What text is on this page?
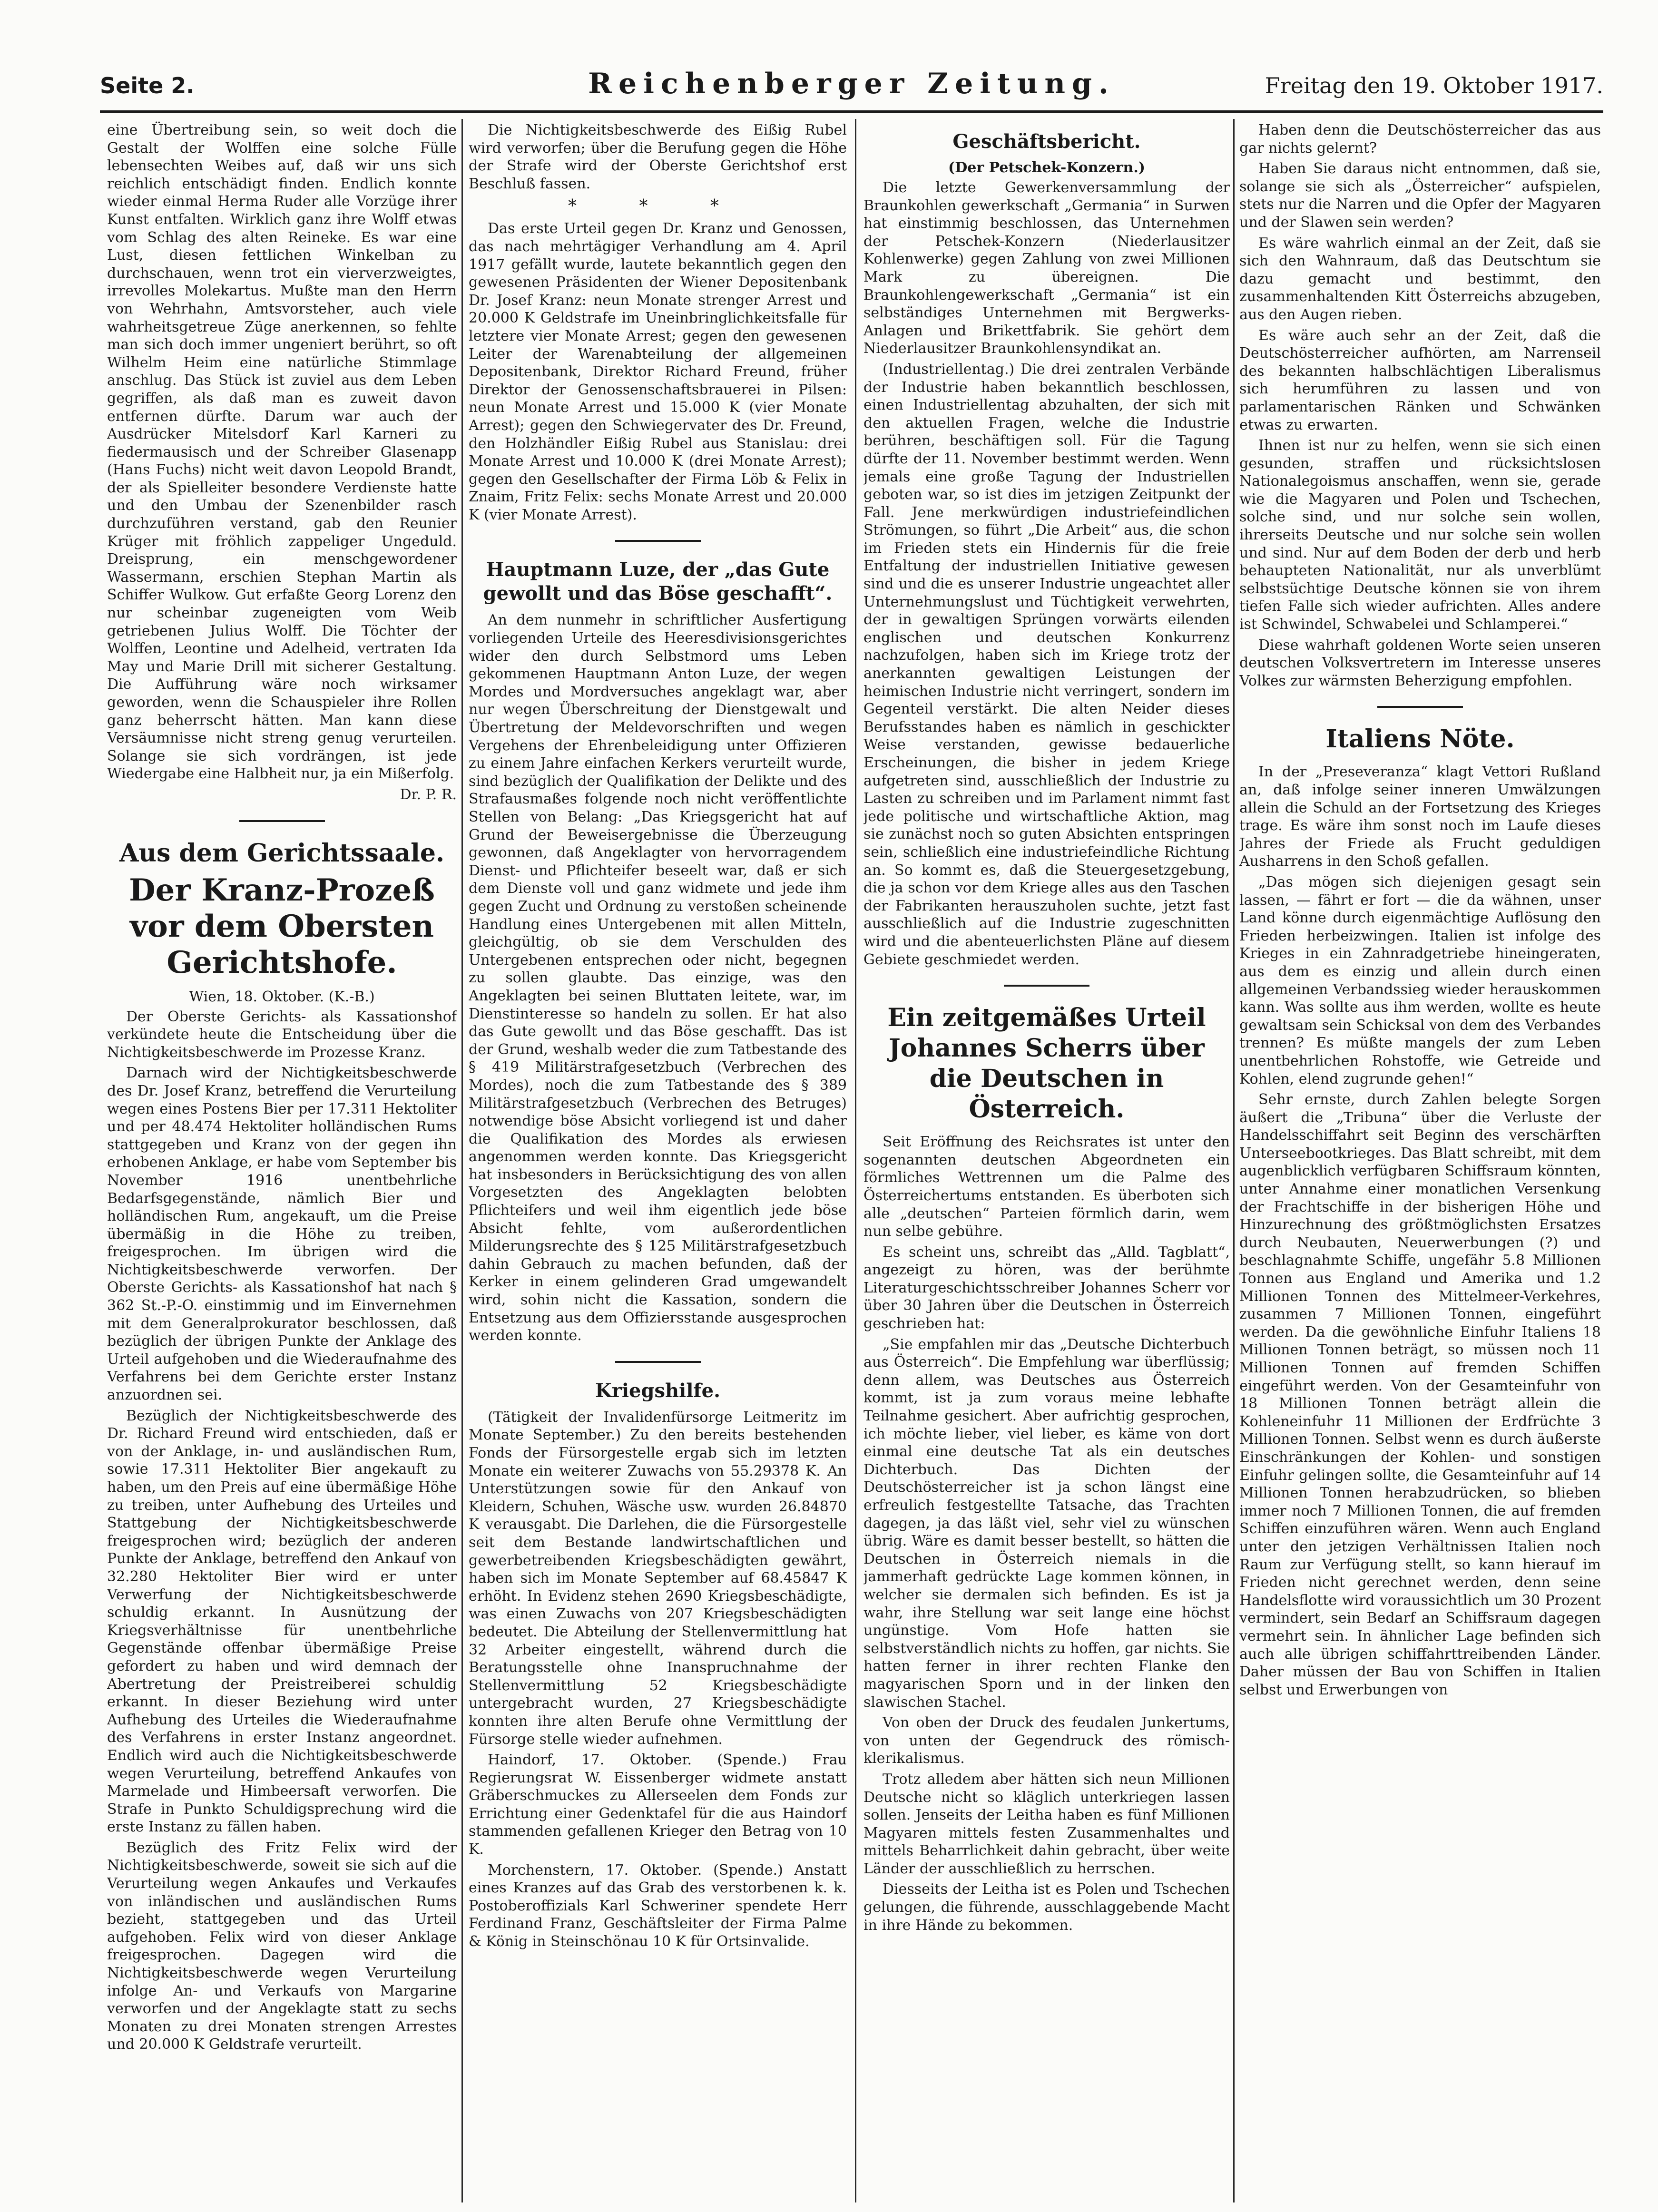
Seite 2.	Reichenberger Zeitung.	Freitag den 19. Oktober 1917.

eine Übertreibung sein, so weit doch die Gestalt der Wolffen eine solche Fülle lebensechten Weibes auf, daß wir uns sich reichlich entschädigt finden. Endlich konnte wieder einmal Herma Ruder alle Vorzüge ihrer Kunst entfalten. Wirklich ganz ihre Wolff etwas vom Schlag des alten Reineke. Es war eine Lust, diesen fettlichen Winkelban zu durchschauen, wenn trot ein vierverzweigtes, irrevolles Molekartus. Mußte man den Herrn von Wehrhahn, Amtsvorsteher, auch viele wahrheitsgetreue Züge anerkennen, so fehlte man sich doch immer ungeniert berührt, so oft Wilhelm Heim eine natürliche Stimmlage anschlug. Das Stück ist zuviel aus dem Leben gegriffen, als daß man es zuweit davon entfernen dürfte. Darum war auch der Ausdrücker Mitelsdorf Karl Karneri zu fiedermausisch und der Schreiber Glasenapp (Hans Fuchs) nicht weit davon Leopold Brandt, der als Spielleiter besondere Verdienste hatte und den Umbau der Szenenbilder rasch durchzuführen verstand, gab den Reunier Krüger mit fröhlich zappeliger Ungeduld. Dreisprung, ein menschgewordener Wassermann, erschien Stephan Martin als Schiffer Wulkow. Gut erfaßte Georg Lorenz den nur scheinbar zugeneigten vom Weib getriebenen Julius Wolff. Die Töchter der Wolffen, Leontine und Adelheid, vertraten Ida May und Marie Drill mit sicherer Gestaltung. Die Aufführung wäre noch wirksamer geworden, wenn die Schauspieler ihre Rollen ganz beherrscht hätten. Man kann diese Versäumnisse nicht streng genug verurteilen. Solange sie sich vordrängen, ist jede Wiedergabe eine Halbheit nur, ja ein Mißerfolg.

Dr. P. R.

Aus dem Gerichtssaale.
Der Kranz-Prozeß
vor dem Obersten Gerichtshofe.
Wien, 18. Oktober. (K.-B.)

Der Oberste Gerichts- als Kassationshof verkündete heute die Entscheidung über die Nichtigkeitsbeschwerde im Prozesse Kranz.

Darnach wird der Nichtigkeitsbeschwerde des Dr. Josef Kranz, betreffend die Verurteilung wegen eines Postens Bier per 17.311 Hektoliter und per 48.474 Hektoliter holländischen Rums stattgegeben und Kranz von der gegen ihn erhobenen Anklage, er habe vom September bis November 1916 unentbehrliche Bedarfsgegenstände, nämlich Bier und holländischen Rum, angekauft, um die Preise übermäßig in die Höhe zu treiben, freigesprochen. Im übrigen wird die Nichtigkeitsbeschwerde verworfen. Der Oberste Gerichts- als Kassationshof hat nach § 362 St.-P.-O. einstimmig und im Einvernehmen mit dem Generalprokurator beschlossen, daß bezüglich der übrigen Punkte der Anklage des Urteil aufgehoben und die Wiederaufnahme des Verfahrens bei dem Gerichte erster Instanz anzuordnen sei.

Bezüglich der Nichtigkeitsbeschwerde des Dr. Richard Freund wird entschieden, daß er von der Anklage, in- und ausländischen Rum, sowie 17.311 Hektoliter Bier angekauft zu haben, um den Preis auf eine übermäßige Höhe zu treiben, unter Aufhebung des Urteiles und Stattgebung der Nichtigkeitsbeschwerde freigesprochen wird; bezüglich der anderen Punkte der Anklage, betreffend den Ankauf von 32.280 Hektoliter Bier wird er unter Verwerfung der Nichtigkeitsbeschwerde schuldig erkannt. In Ausnützung der Kriegsverhältnisse für unentbehrliche Gegenstände offenbar übermäßige Preise gefordert zu haben und wird demnach der Abertretung der Preistreiberei schuldig erkannt. In dieser Beziehung wird unter Aufhebung des Urteiles die Wiederaufnahme des Verfahrens in erster Instanz angeordnet. Endlich wird auch die Nichtigkeitsbeschwerde wegen Verurteilung, betreffend Ankaufes von Marmelade und Himbeersaft verworfen. Die Strafe in Punkto Schuldigsprechung wird die erste Instanz zu fällen haben.

Bezüglich des Fritz Felix wird der Nichtigkeitsbeschwerde, soweit sie sich auf die Verurteilung wegen Ankaufes und Verkaufes von inländischen und ausländischen Rums bezieht, stattgegeben und das Urteil aufgehoben. Felix wird von dieser Anklage freigesprochen. Dagegen wird die Nichtigkeitsbeschwerde wegen Verurteilung infolge An- und Verkaufs von Margarine verworfen und der Angeklagte statt zu sechs Monaten zu drei Monaten strengen Arrestes und 20.000 K Geldstrafe verurteilt.

Die Nichtigkeitsbeschwerde des Eißig Rubel wird verworfen; über die Berufung gegen die Höhe der Strafe wird der Oberste Gerichtshof erst Beschluß fassen.

* * *

Das erste Urteil gegen Dr. Kranz und Genossen, das nach mehrtägiger Verhandlung am 4. April 1917 gefällt wurde, lautete bekanntlich gegen den gewesenen Präsidenten der Wiener Depositenbank Dr. Josef Kranz: neun Monate strenger Arrest und 20.000 K Geldstrafe im Uneinbringlichkeitsfalle für letztere vier Monate Arrest; gegen den gewesenen Leiter der Warenabteilung der allgemeinen Depositenbank, Direktor Richard Freund, früher Direktor der Genossenschaftsbrauerei in Pilsen: neun Monate Arrest und 15.000 K (vier Monate Arrest); gegen den Schwiegervater des Dr. Freund, den Holzhändler Eißig Rubel aus Stanislau: drei Monate Arrest und 10.000 K (drei Monate Arrest); gegen den Gesellschafter der Firma Löb & Felix in Znaim, Fritz Felix: sechs Monate Arrest und 20.000 K (vier Monate Arrest).

Hauptmann Luze, der „das Gute gewollt und das Böse geschafft“.

An dem nunmehr in schriftlicher Ausfertigung vorliegenden Urteile des Heeresdivisionsgerichtes wider den durch Selbstmord ums Leben gekommenen Hauptmann Anton Luze, der wegen Mordes und Mordversuches angeklagt war, aber nur wegen Überschreitung der Dienstgewalt und Übertretung der Meldevorschriften und wegen Vergehens der Ehrenbeleidigung unter Offizieren zu einem Jahre einfachen Kerkers verurteilt wurde, sind bezüglich der Qualifikation der Delikte und des Strafausmaßes folgende noch nicht veröffentlichte Stellen von Belang: „Das Kriegsgericht hat auf Grund der Beweisergebnisse die Überzeugung gewonnen, daß Angeklagter von hervorragendem Dienst- und Pflichteifer beseelt war, daß er sich dem Dienste voll und ganz widmete und jede ihm gegen Zucht und Ordnung zu verstoßen scheinende Handlung eines Untergebenen mit allen Mitteln, gleichgültig, ob sie dem Verschulden des Untergebenen entsprechen oder nicht, begegnen zu sollen glaubte. Das einzige, was den Angeklagten bei seinen Bluttaten leitete, war, im Dienstinteresse so handeln zu sollen. Er hat also das Gute gewollt und das Böse geschafft. Das ist der Grund, weshalb weder die zum Tatbestande des § 419 Militärstrafgesetzbuch (Verbrechen des Mordes), noch die zum Tatbestande des § 389 Militärstrafgesetzbuch (Verbrechen des Betruges) notwendige böse Absicht vorliegend ist und daher die Qualifikation des Mordes als erwiesen angenommen werden konnte. Das Kriegsgericht hat insbesonders in Berücksichtigung des von allen Vorgesetzten des Angeklagten belobten Pflichteifers und weil ihm eigentlich jede böse Absicht fehlte, vom außerordentlichen Milderungsrechte des § 125 Militärstrafgesetzbuch dahin Gebrauch zu machen befunden, daß der Kerker in einem gelinderen Grad umgewandelt wird, sohin nicht die Kassation, sondern die Entsetzung aus dem Offiziersstande ausgesprochen werden konnte.

Kriegshilfe.

(Tätigkeit der Invalidenfürsorge Leitmeritz im Monate September.) Zu den bereits bestehenden Fonds der Fürsorgestelle ergab sich im letzten Monate ein weiterer Zuwachs von 55.29378 K. An Unterstützungen sowie für den Ankauf von Kleidern, Schuhen, Wäsche usw. wurden 26.84870 K verausgabt. Die Darlehen, die die Fürsorgestelle seit dem Bestande landwirtschaftlichen und gewerbetreibenden Kriegsbeschädigten gewährt, haben sich im Monate September auf 68.45847 K erhöht. In Evidenz stehen 2690 Kriegsbeschädigte, was einen Zuwachs von 207 Kriegsbeschädigten bedeutet. Die Abteilung der Stellenvermittlung hat 32 Arbeiter eingestellt, während durch die Beratungsstelle ohne Inanspruchnahme der Stellenvermittlung 52 Kriegsbeschädigte untergebracht wurden, 27 Kriegsbeschädigte konnten ihre alten Berufe ohne Vermittlung der Fürsorge stelle wieder aufnehmen.

Haindorf, 17. Oktober. (Spende.) Frau Regierungsrat W. Eissenberger widmete anstatt Gräberschmuckes zu Allerseelen dem Fonds zur Errichtung einer Gedenktafel für die aus Haindorf stammenden gefallenen Krieger den Betrag von 10 K.

Morchenstern, 17. Oktober. (Spende.) Anstatt eines Kranzes auf das Grab des verstorbenen k. k. Postoberoffizials Karl Schweriner spendete Herr Ferdinand Franz, Geschäftsleiter der Firma Palme & König in Steinschönau 10 K für Ortsinvalide.

Geschäftsbericht.
(Der Petschek-Konzern.)

Die letzte Gewerkenversammlung der Braunkohlen gewerkschaft „Germania“ in Surwen hat einstimmig beschlossen, das Unternehmen der Petschek-Konzern (Niederlausitzer Kohlenwerke) gegen Zahlung von zwei Millionen Mark zu übereignen. Die Braunkohlengewerkschaft „Germania“ ist ein selbständiges Unternehmen mit Bergwerks-Anlagen und Brikettfabrik. Sie gehört dem Niederlausitzer Braunkohlensyndikat an.

(Industriellentag.) Die drei zentralen Verbände der Industrie haben bekanntlich beschlossen, einen Industriellentag abzuhalten, der sich mit den aktuellen Fragen, welche die Industrie berühren, beschäftigen soll. Für die Tagung dürfte der 11. November bestimmt werden. Wenn jemals eine große Tagung der Industriellen geboten war, so ist dies im jetzigen Zeitpunkt der Fall. Jene merkwürdigen industriefeindlichen Strömungen, so führt „Die Arbeit“ aus, die schon im Frieden stets ein Hindernis für die freie Entfaltung der industriellen Initiative gewesen sind und die es unserer Industrie ungeachtet aller Unternehmungslust und Tüchtigkeit verwehrten, der in gewaltigen Sprüngen vorwärts eilenden englischen und deutschen Konkurrenz nachzufolgen, haben sich im Kriege trotz der anerkannten gewaltigen Leistungen der heimischen Industrie nicht verringert, sondern im Gegenteil verstärkt. Die alten Neider dieses Berufsstandes haben es nämlich in geschickter Weise verstanden, gewisse bedauerliche Erscheinungen, die bisher in jedem Kriege aufgetreten sind, ausschließlich der Industrie zu Lasten zu schreiben und im Parlament nimmt fast jede politische und wirtschaftliche Aktion, mag sie zunächst noch so guten Absichten entspringen sein, schließlich eine industriefeindliche Richtung an. So kommt es, daß die Steuergesetzgebung, die ja schon vor dem Kriege alles aus den Taschen der Fabrikanten herauszuholen suchte, jetzt fast ausschließlich auf die Industrie zugeschnitten wird und die abenteuerlichsten Pläne auf diesem Gebiete geschmiedet werden.

Ein zeitgemäßes Urteil Johannes Scherrs über die Deutschen in Österreich.

Seit Eröffnung des Reichsrates ist unter den sogenannten deutschen Abgeordneten ein förmliches Wettrennen um die Palme des Österreichertums entstanden. Es überboten sich alle „deutschen“ Parteien förmlich darin, wem nun selbe gebühre.

Es scheint uns, schreibt das „Alld. Tagblatt“, angezeigt zu hören, was der berühmte Literaturgeschichtsschreiber Johannes Scherr vor über 30 Jahren über die Deutschen in Österreich geschrieben hat:

„Sie empfahlen mir das „Deutsche Dichterbuch aus Österreich“. Die Empfehlung war überflüssig; denn allem, was Deutsches aus Österreich kommt, ist ja zum voraus meine lebhafte Teilnahme gesichert. Aber aufrichtig gesprochen, ich möchte lieber, viel lieber, es käme von dort einmal eine deutsche Tat als ein deutsches Dichterbuch. Das Dichten der Deutschösterreicher ist ja schon längst eine erfreulich festgestellte Tatsache, das Trachten dagegen, ja das läßt viel, sehr viel zu wünschen übrig. Wäre es damit besser bestellt, so hätten die Deutschen in Österreich niemals in die jammerhaft gedrückte Lage kommen können, in welcher sie dermalen sich befinden. Es ist ja wahr, ihre Stellung war seit lange eine höchst ungünstige. Vom Hofe hatten sie selbstverständlich nichts zu hoffen, gar nichts. Sie hatten ferner in ihrer rechten Flanke den magyarischen Sporn und in der linken den slawischen Stachel.

Von oben der Druck des feudalen Junkertums, von unten der Gegendruck des römisch-klerikalismus.

Trotz alledem aber hätten sich neun Millionen Deutsche nicht so kläglich unterkriegen lassen sollen. Jenseits der Leitha haben es fünf Millionen Magyaren mittels festen Zusammenhaltes und mittels Beharrlichkeit dahin gebracht, über weite Länder der ausschließlich zu herrschen.

Diesseits der Leitha ist es Polen und Tschechen gelungen, die führende, ausschlaggebende Macht in ihre Hände zu bekommen.

Haben denn die Deutschösterreicher das aus gar nichts gelernt?

Haben Sie daraus nicht entnommen, daß sie, solange sie sich als „Österreicher“ aufspielen, stets nur die Narren und die Opfer der Magyaren und der Slawen sein werden?

Es wäre wahrlich einmal an der Zeit, daß sie sich den Wahnraum, daß das Deutschtum sie dazu gemacht und bestimmt, den zusammenhaltenden Kitt Österreichs abzugeben, aus den Augen rieben.

Es wäre auch sehr an der Zeit, daß die Deutschösterreicher aufhörten, am Narrenseil des bekannten halbschlächtigen Liberalismus sich herumführen zu lassen und von parlamentarischen Ränken und Schwänken etwas zu erwarten.

Ihnen ist nur zu helfen, wenn sie sich einen gesunden, straffen und rücksichtslosen Nationalegoismus anschaffen, wenn sie, gerade wie die Magyaren und Polen und Tschechen, solche sind, und nur solche sein wollen, ihrerseits Deutsche und nur solche sein wollen und sind. Nur auf dem Boden der derb und herb behaupteten Nationalität, nur als unverblümt selbstsüchtige Deutsche können sie von ihrem tiefen Falle sich wieder aufrichten. Alles andere ist Schwindel, Schwabelei und Schlamperei.“

Diese wahrhaft goldenen Worte seien unseren deutschen Volksvertretern im Interesse unseres Volkes zur wärmsten Beherzigung empfohlen.

Italiens Nöte.

In der „Preseveranza“ klagt Vettori Rußland an, daß infolge seiner inneren Umwälzungen allein die Schuld an der Fortsetzung des Krieges trage. Es wäre ihm sonst noch im Laufe dieses Jahres der Friede als Frucht geduldigen Ausharrens in den Schoß gefallen.

„Das mögen sich diejenigen gesagt sein lassen, — fährt er fort — die da wähnen, unser Land könne durch eigenmächtige Auflösung den Frieden herbeizwingen. Italien ist infolge des Krieges in ein Zahnradgetriebe hineingeraten, aus dem es einzig und allein durch einen allgemeinen Verbandssieg wieder herauskommen kann. Was sollte aus ihm werden, wollte es heute gewaltsam sein Schicksal von dem des Verbandes trennen? Es müßte mangels der zum Leben unentbehrlichen Rohstoffe, wie Getreide und Kohlen, elend zugrunde gehen!“

Sehr ernste, durch Zahlen belegte Sorgen äußert die „Tribuna“ über die Verluste der Handelsschiffahrt seit Beginn des verschärften Unterseebootkrieges. Das Blatt schreibt, mit dem augenblicklich verfügbaren Schiffsraum könnten, unter Annahme einer monatlichen Versenkung der Frachtschiffe in der bisherigen Höhe und Hinzurechnung des größtmöglichsten Ersatzes durch Neubauten, Neuerwerbungen (?) und beschlagnahmte Schiffe, ungefähr 5.8 Millionen Tonnen aus England und Amerika und 1.2 Millionen Tonnen des Mittelmeer-Verkehres, zusammen 7 Millionen Tonnen, eingeführt werden. Da die gewöhnliche Einfuhr Italiens 18 Millionen Tonnen beträgt, so müssen noch 11 Millionen Tonnen auf fremden Schiffen eingeführt werden. Von der Gesamteinfuhr von 18 Millionen Tonnen beträgt allein die Kohleneinfuhr 11 Millionen der Erdfrüchte 3 Millionen Tonnen. Selbst wenn es durch äußerste Einschränkungen der Kohlen- und sonstigen Einfuhr gelingen sollte, die Gesamteinfuhr auf 14 Millionen Tonnen herabzudrücken, so blieben immer noch 7 Millionen Tonnen, die auf fremden Schiffen einzuführen wären. Wenn auch England unter den jetzigen Verhältnissen Italien noch Raum zur Verfügung stellt, so kann hierauf im Frieden nicht gerechnet werden, denn seine Handelsflotte wird voraussichtlich um 30 Prozent vermindert, sein Bedarf an Schiffsraum dagegen vermehrt sein. In ähnlicher Lage befinden sich auch alle übrigen schiffahrttreibenden Länder. Daher müssen der Bau von Schiffen in Italien selbst und Erwerbungen von
